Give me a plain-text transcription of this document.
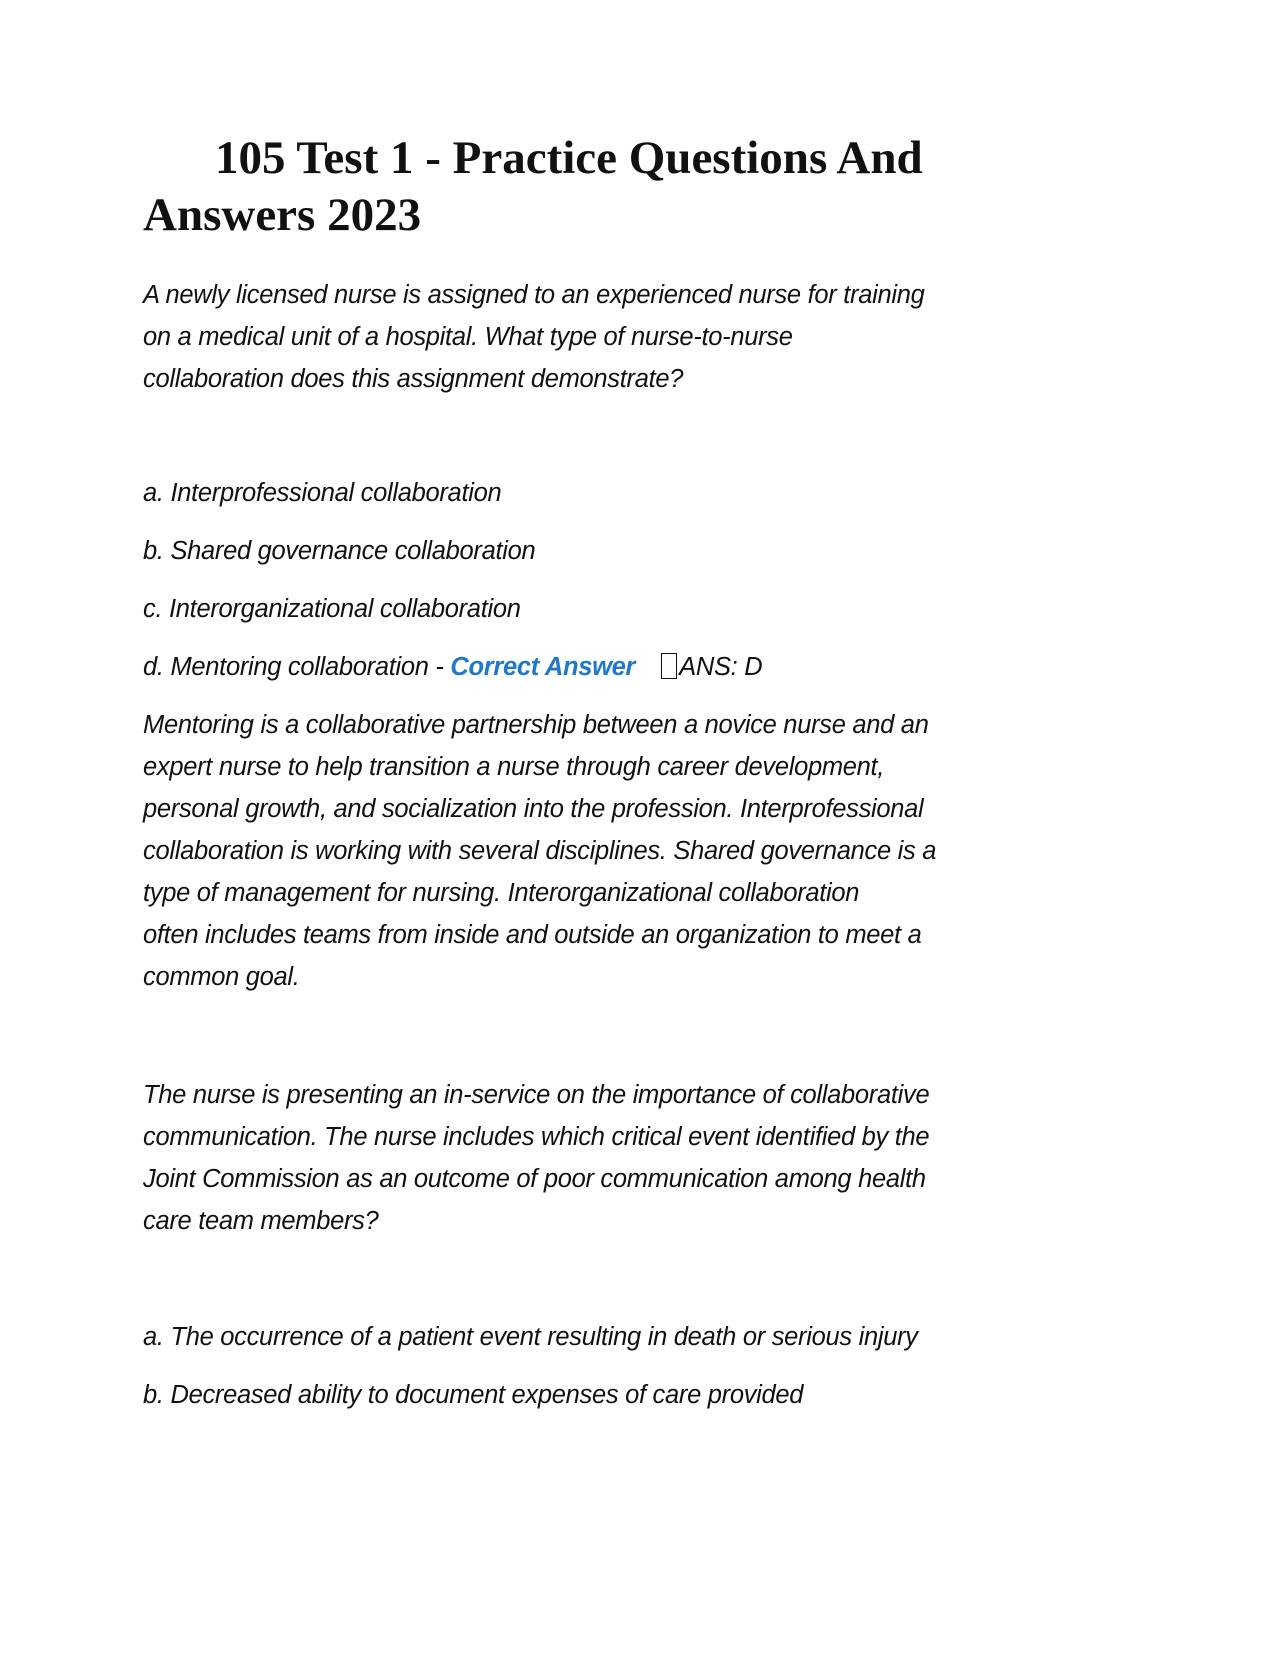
105 Test 1 - Practice Questions And
Answers 2023

A newly licensed nurse is assigned to an experienced nurse for training
on a medical unit of a hospital. What type of nurse-to-nurse
collaboration does this assignment demonstrate?

a. Interprofessional collaboration

b. Shared governance collaboration

c. Interorganizational collaboration

d. Mentoring collaboration - Correct Answer ANS: D

Mentoring is a collaborative partnership between a novice nurse and an
expert nurse to help transition a nurse through career development,
personal growth, and socialization into the profession. Interprofessional
collaboration is working with several disciplines. Shared governance is a
type of management for nursing. Interorganizational collaboration
often includes teams from inside and outside an organization to meet a
common goal.

The nurse is presenting an in-service on the importance of collaborative
communication. The nurse includes which critical event identified by the
Joint Commission as an outcome of poor communication among health
care team members?

a. The occurrence of a patient event resulting in death or serious injury

b. Decreased ability to document expenses of care provided
